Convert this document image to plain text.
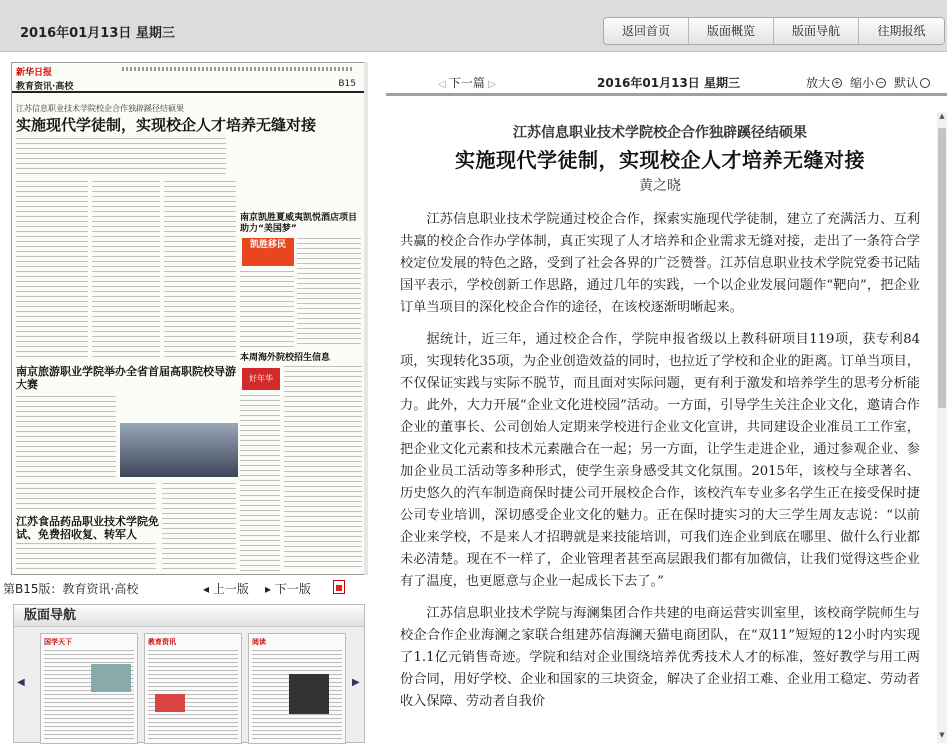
2016年01月13日 星期三	返回首页	版面概览	版面导航	往期报纸
新华日报
教育资讯·高校	B15
江苏信息职业技术学院校企合作独辟蹊径结硕果
实施现代学徒制，实现校企人才培养无缝对接
南京凯胜夏威夷凯悦酒店项目助力“美国梦”
凯胜移民
本周海外院校招生信息
好年华
南京旅游职业学院举办全省首届高职院校导游大赛
江苏食品药品职业技术学院免试、免费招收复、转军人
第B15版：教育资讯·高校	◂ 上一版 ▸ 下一版
版面导航
◀
国学天下	教育资讯	阅读
▶
◁ 下一篇 ▷	2016年01月13日 星期三	放大 + 缩小 − 默认
江苏信息职业技术学院校企合作独辟蹊径结硕果
实施现代学徒制，实现校企人才培养无缝对接
黄之晓

江苏信息职业技术学院通过校企合作，探索实施现代学徒制，建立了充满活力、互利共赢的校企合作办学体制，真正实现了人才培养和企业需求无缝对接，走出了一条符合学校定位发展的特色之路，受到了社会各界的广泛赞誉。江苏信息职业技术学院党委书记陆国平表示，学校创新工作思路，通过几年的实践，一个以企业发展问题作“靶向”，把企业订单当项目的深化校企合作的途径，在该校逐渐明晰起来。

据统计，近三年，通过校企合作，学院申报省级以上教科研项目119项，获专利84项，实现转化35项，为企业创造效益的同时，也拉近了学校和企业的距离。订单当项目，不仅保证实践与实际不脱节，而且面对实际问题，更有利于激发和培养学生的思考分析能力。此外，大力开展“企业文化进校园”活动。一方面，引导学生关注企业文化，邀请合作企业的董事长、公司创始人定期来学校进行企业文化宣讲，共同建设企业准员工工作室，把企业文化元素和技术元素融合在一起；另一方面，让学生走进企业，通过参观企业、参加企业员工活动等多种形式，使学生亲身感受其文化氛围。2015年，该校与全球著名、历史悠久的汽车制造商保时捷公司开展校企合作，该校汽车专业多名学生正在接受保时捷公司专业培训，深切感受企业文化的魅力。正在保时捷实习的大三学生周友志说：“以前企业来学校，不是来人才招聘就是来技能培训，可我们连企业到底在哪里、做什么行业都未必清楚。现在不一样了，企业管理者甚至高层跟我们都有加微信，让我们觉得这些企业有了温度，也更愿意与企业一起成长下去了。”

江苏信息职业技术学院与海澜集团合作共建的电商运营实训室里，该校商学院师生与校企合作企业海澜之家联合组建苏信海澜天猫电商团队，在“双11”短短的12小时内实现了1.1亿元销售奇迹。学院和结对企业围绕培养优秀技术人才的标准，签好教学与用工两份合同，用好学校、企业和国家的三块资金，解决了企业招工难、企业用工稳定、劳动者收入保障、劳动者自我价

▲
▼
